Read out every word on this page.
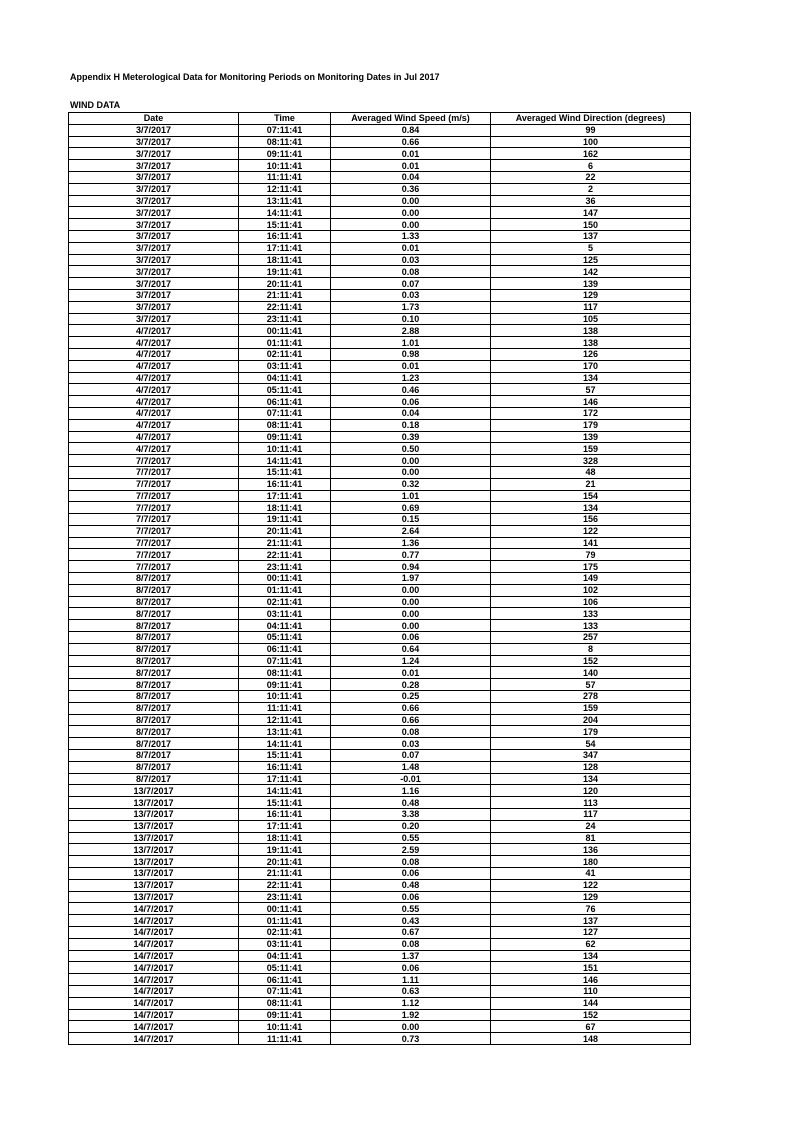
Appendix H Meterological Data for Monitoring Periods on Monitoring Dates in Jul 2017
WIND DATA
Date	Time	Averaged Wind Speed (m/s)	Averaged Wind Direction (degrees)
3/7/2017	07:11:41	0.84	99
3/7/2017	08:11:41	0.66	100
3/7/2017	09:11:41	0.01	162
3/7/2017	10:11:41	0.01	6
3/7/2017	11:11:41	0.04	22
3/7/2017	12:11:41	0.36	2
3/7/2017	13:11:41	0.00	36
3/7/2017	14:11:41	0.00	147
3/7/2017	15:11:41	0.00	150
3/7/2017	16:11:41	1.33	137
3/7/2017	17:11:41	0.01	5
3/7/2017	18:11:41	0.03	125
3/7/2017	19:11:41	0.08	142
3/7/2017	20:11:41	0.07	139
3/7/2017	21:11:41	0.03	129
3/7/2017	22:11:41	1.73	117
3/7/2017	23:11:41	0.10	105
4/7/2017	00:11:41	2.88	138
4/7/2017	01:11:41	1.01	138
4/7/2017	02:11:41	0.98	126
4/7/2017	03:11:41	0.01	170
4/7/2017	04:11:41	1.23	134
4/7/2017	05:11:41	0.46	57
4/7/2017	06:11:41	0.06	146
4/7/2017	07:11:41	0.04	172
4/7/2017	08:11:41	0.18	179
4/7/2017	09:11:41	0.39	139
4/7/2017	10:11:41	0.50	159
7/7/2017	14:11:41	0.00	328
7/7/2017	15:11:41	0.00	48
7/7/2017	16:11:41	0.32	21
7/7/2017	17:11:41	1.01	154
7/7/2017	18:11:41	0.69	134
7/7/2017	19:11:41	0.15	156
7/7/2017	20:11:41	2.64	122
7/7/2017	21:11:41	1.36	141
7/7/2017	22:11:41	0.77	79
7/7/2017	23:11:41	0.94	175
8/7/2017	00:11:41	1.97	149
8/7/2017	01:11:41	0.00	102
8/7/2017	02:11:41	0.00	106
8/7/2017	03:11:41	0.00	133
8/7/2017	04:11:41	0.00	133
8/7/2017	05:11:41	0.06	257
8/7/2017	06:11:41	0.64	8
8/7/2017	07:11:41	1.24	152
8/7/2017	08:11:41	0.01	140
8/7/2017	09:11:41	0.28	57
8/7/2017	10:11:41	0.25	278
8/7/2017	11:11:41	0.66	159
8/7/2017	12:11:41	0.66	204
8/7/2017	13:11:41	0.08	179
8/7/2017	14:11:41	0.03	54
8/7/2017	15:11:41	0.07	347
8/7/2017	16:11:41	1.48	128
8/7/2017	17:11:41	-0.01	134
13/7/2017	14:11:41	1.16	120
13/7/2017	15:11:41	0.48	113
13/7/2017	16:11:41	3.38	117
13/7/2017	17:11:41	0.20	24
13/7/2017	18:11:41	0.55	81
13/7/2017	19:11:41	2.59	136
13/7/2017	20:11:41	0.08	180
13/7/2017	21:11:41	0.06	41
13/7/2017	22:11:41	0.48	122
13/7/2017	23:11:41	0.06	129
14/7/2017	00:11:41	0.55	76
14/7/2017	01:11:41	0.43	137
14/7/2017	02:11:41	0.67	127
14/7/2017	03:11:41	0.08	62
14/7/2017	04:11:41	1.37	134
14/7/2017	05:11:41	0.06	151
14/7/2017	06:11:41	1.11	146
14/7/2017	07:11:41	0.63	110
14/7/2017	08:11:41	1.12	144
14/7/2017	09:11:41	1.92	152
14/7/2017	10:11:41	0.00	67
14/7/2017	11:11:41	0.73	148
